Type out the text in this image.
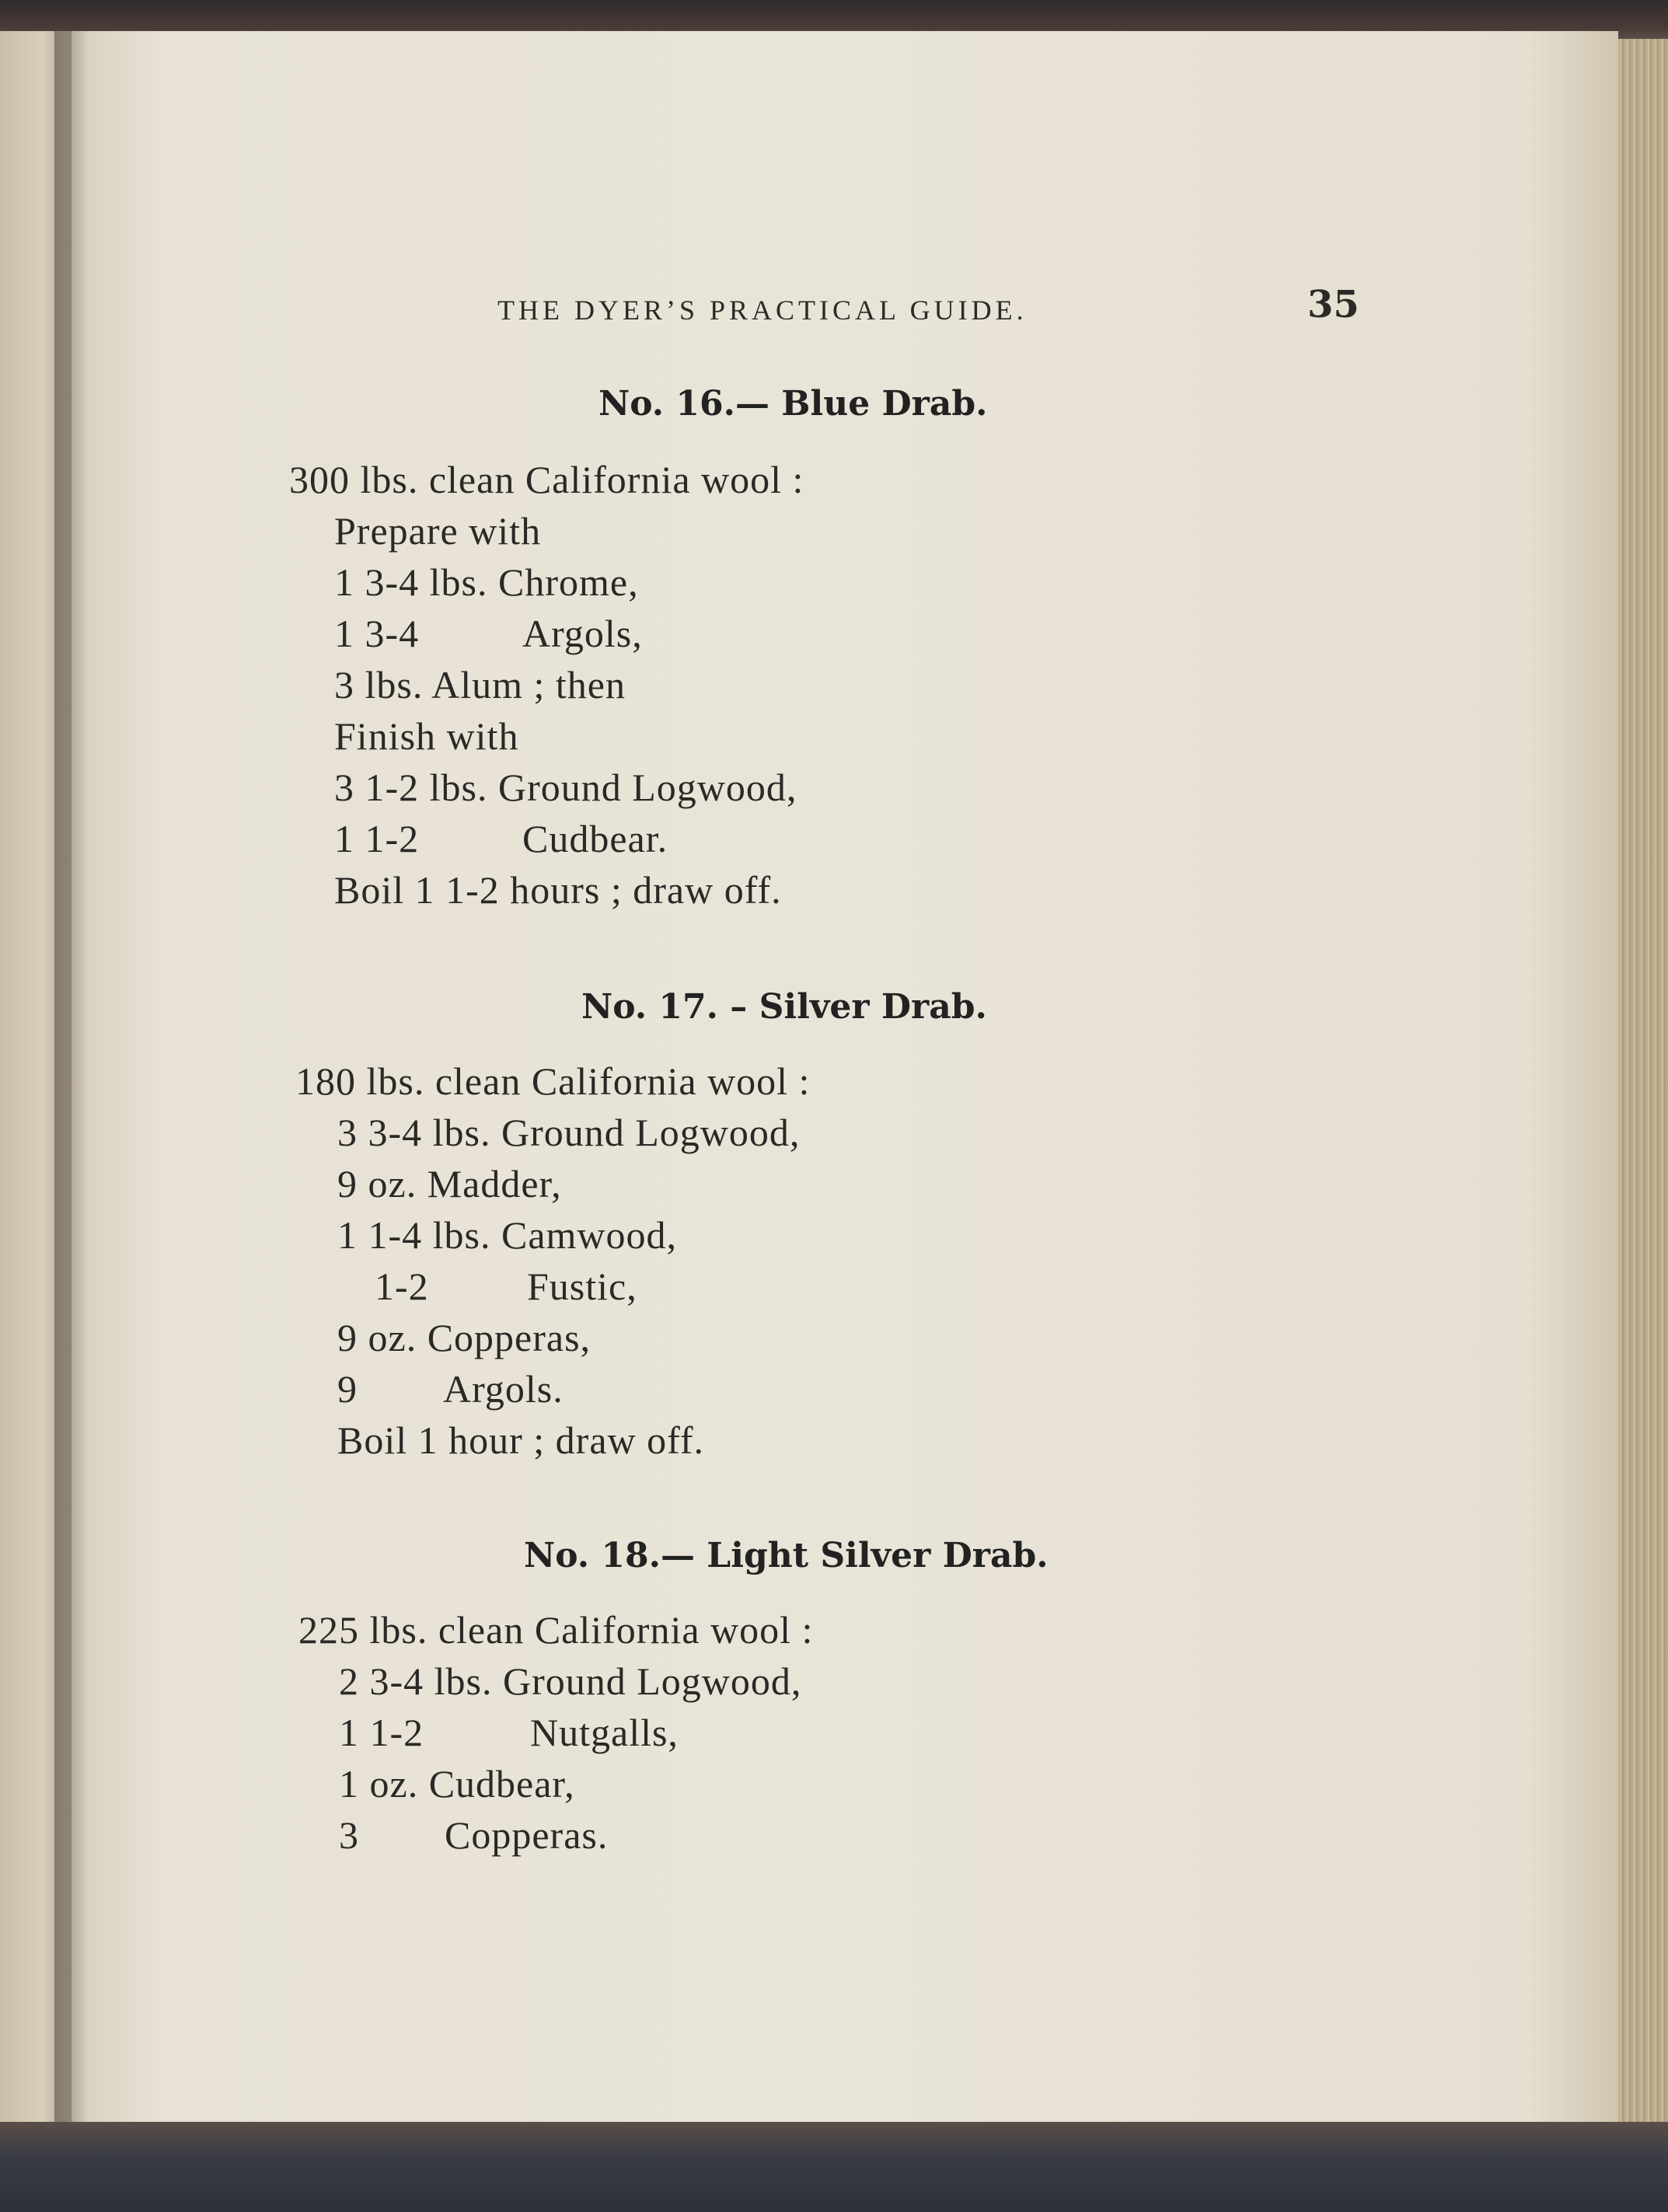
THE DYER’S PRACTICAL GUIDE.	35
No. 16.— Blue Drab.
300 lbs. clean California wool :
Prepare with
1 3-4 lbs. Chrome,
1 3-4	Argols,
3 lbs. Alum ; then
Finish with
3 1-2 lbs. Ground Logwood,
1 1-2	Cudbear.
Boil 1 1-2 hours ; draw off.
No. 17. – Silver Drab.
180 lbs. clean California wool :
3 3-4 lbs. Ground Logwood,
9 oz. Madder,
1 1-4 lbs. Camwood,
1-2	Fustic,
9 oz. Copperas,
9 Argols.
Boil 1 hour ; draw off.
No. 18.— Light Silver Drab.
225 lbs. clean California wool :
2 3-4 lbs. Ground Logwood,
1 1-2	Nutgalls,
1 oz. Cudbear,
3 Copperas.
